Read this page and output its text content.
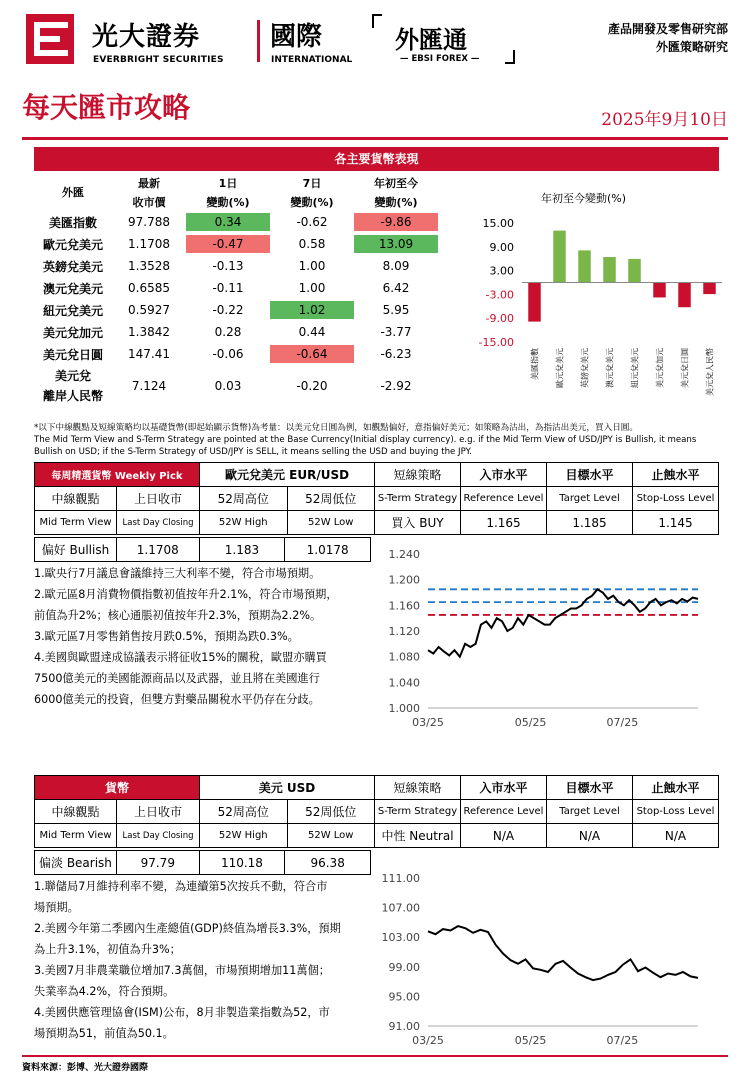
光大證券
EVERBRIGHT SECURITIES
國際
INTERNATIONAL
外匯通
— EBSI FOREX —
產品開發及零售研究部
外匯策略研究
每天匯市攻略	2025年9月10日
各主要貨幣表現
外匯	最新	1日	7日	年初至今
	收市價	變動(%)	變動(%)	變動(%)
美匯指數	97.788	0.34	-0.62	-9.86
歐元兌美元	1.1708	-0.47	0.58	13.09
英鎊兌美元	1.3528	-0.13	1.00	8.09
澳元兌美元	0.6585	-0.11	1.00	6.42
紐元兌美元	0.5927	-0.22	1.02	5.95
美元兌加元	1.3842	0.28	0.44	-3.77
美元兌日圓	147.41	-0.06	-0.64	-6.23

美元兌
離岸人民幣	7.124	0.03	-0.20	-2.92
年初至今變動(%)
15.00
9.00
3.00
-3.00
-9.00
-15.00
美匯指數 歐元兌美元 英鎊兌美元 澳元兌美元 紐元兌美元 美元兌加元 美元兌日圓 美元兌人民幣
*以下中線觀點及短線策略均以基礎貨幣(即起始顯示貨幣)為考量：以美元兌日圓為例，如觀點偏好，意指偏好美元；如策略為沽出，為指沽出美元，買入日圓。
The Mid Term View and S-Term Strategy are pointed at the Base Currency(Initial display currency). e.g. if the Mid Term View of USD/JPY is Bullish, it means
Bullish on USD; if the S-Term Strategy of USD/JPY is SELL, it means selling the USD and buying the JPY.
每周精選貨幣 Weekly Pick		歐元兌美元 EUR/USD		短線策略	入市水平	目標水平	止蝕水平
中線觀點	上日收市	52周高位	52周低位	S-Term Strategy	Reference Level	Target Level	Stop-Loss Level
Mid Term View	Last Day Closing	52W High	52W Low	買入 BUY	1.165	1.185	1.145
偏好 Bullish	1.1708	1.183	1.0178
1.歐央行7月議息會議維持三大利率不變，符合市場預期。
2.歐元區8月消費物價指數初值按年升2.1%，符合市場預期，
前值為升2%；核心通脹初值按年升2.3%，預期為2.2%。
3.歐元區7月零售銷售按月跌0.5%，預期為跌0.3%。
4.美國與歐盟達成協議表示將征收15%的關稅，歐盟亦購買
7500億美元的美國能源商品以及武器，並且將在美國進行
6000億美元的投資，但雙方對藥品關稅水平仍存在分歧。
1.240
1.200
1.160
1.120
1.080
1.040
1.000
03/25	05/25	07/25
貨幣		美元 USD		短線策略	入市水平	目標水平	止蝕水平
中線觀點	上日收市	52周高位	52周低位	S-Term Strategy	Reference Level	Target Level	Stop-Loss Level
Mid Term View	Last Day Closing	52W High	52W Low	中性 Neutral	N/A	N/A	N/A
偏淡 Bearish	97.79	110.18	96.38
1.聯儲局7月維持利率不變，為連續第5次按兵不動，符合市
場預期。
2.美國今年第二季國內生產總值(GDP)終值為增長3.3%，預期
為上升3.1%，初值為升3%；
3.美國7月非農業職位增加7.3萬個，市場預期增加11萬個；
失業率為4.2%，符合預期。
4.美國供應管理協會(ISM)公布，8月非製造業指數為52，市
場預期為51，前值為50.1。
111.00
107.00
103.00
99.00
95.00
91.00
03/25	05/25	07/25
資料來源：彭博、光大證券國際
